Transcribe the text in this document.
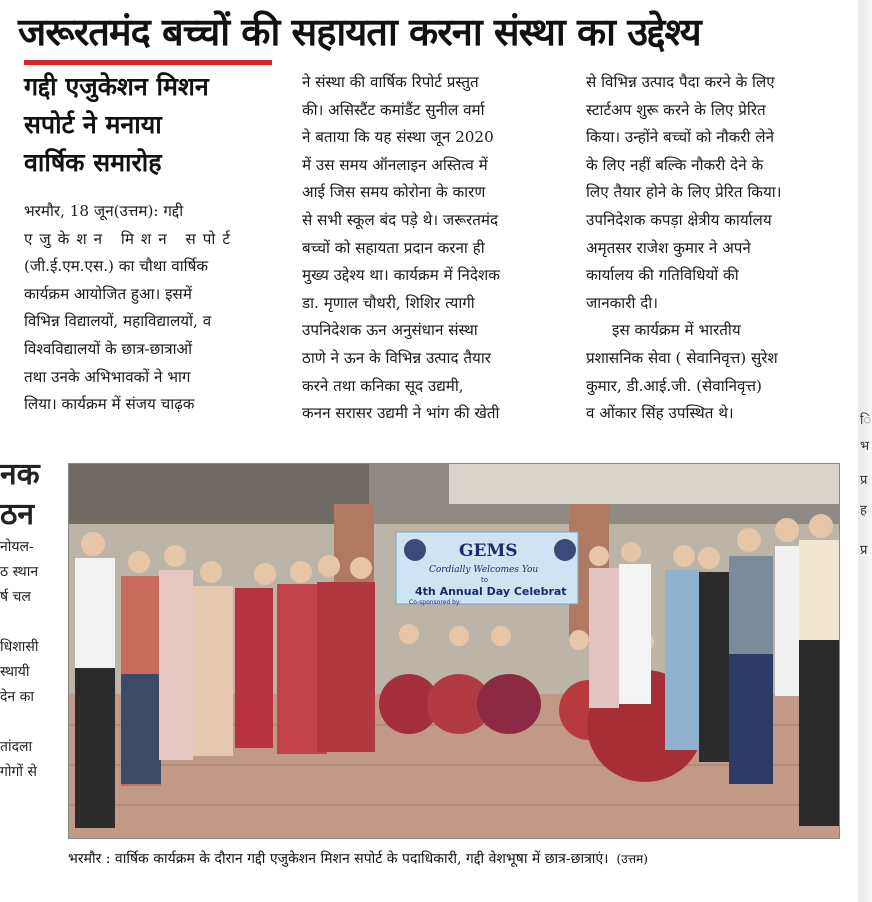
जरूरतमंद बच्चों की सहायता करना संस्था का उद्देश्य
गद्दी एजुकेशन मिशन
सपोर्ट ने मनाया
वार्षिक समारोह
भरमौर, 18 जून(उत्तम): गद्दी
एजुकेशन मिशन सपोर्ट
(जी.ई.एम.एस.) का चौथा वार्षिक
कार्यक्रम आयोजित हुआ। इसमें
विभिन्न विद्यालयों, महाविद्यालयों, व
विश्वविद्यालयों के छात्र-छात्राओं
तथा उनके अभिभावकों ने भाग
लिया। कार्यक्रम में संजय चाढ़क
ने संस्था की वार्षिक रिपोर्ट प्रस्तुत
की। असिस्टैंट कमांडैंट सुनील वर्मा
ने बताया कि यह संस्था जून 2020
में उस समय ऑनलाइन अस्तित्व में
आई जिस समय कोरोना के कारण
से सभी स्कूल बंद पड़े थे। जरूरतमंद
बच्चों को सहायता प्रदान करना ही
मुख्य उद्देश्य था। कार्यक्रम में निदेशक
डा. मृणाल चौधरी, शिशिर त्यागी
उपनिदेशक ऊन अनुसंधान संस्था
ठाणे ने ऊन के विभिन्न उत्पाद तैयार
करने तथा कनिका सूद उद्यमी,
कनन सरासर उद्यमी ने भांग की खेती
से विभिन्न उत्पाद पैदा करने के लिए
स्टार्टअप शुरू करने के लिए प्रेरित
किया। उन्होंने बच्चों को नौकरी लेने
के लिए नहीं बल्कि नौकरी देने के
लिए तैयार होने के लिए प्रेरित किया।
उपनिदेशक कपड़ा क्षेत्रीय कार्यालय
अमृतसर राजेश कुमार ने अपने
कार्यालय की गतिविधियों की
जानकारी दी।
इस कार्यक्रम में भारतीय
प्रशासनिक सेवा ( सेवानिवृत्त) सुरेश
कुमार, डी.आई.जी. (सेवानिवृत्त)
व ओंकार सिंह उपस्थित थे।
नक
ठन
नोयल-
ठ स्थान
र्ष चल

धिशासी
स्थायी
देन का

तांदला
गोगों से
ि
भ
प्र
ह
प्र
GEMS
Cordially Welcomes You
to
4th Annual Day Celebrat
Co-sponsored by:
भरमौर : वार्षिक कार्यक्रम के दौरान गद्दी एजुकेशन मिशन सपोर्ट के पदाधिकारी, गद्दी वेशभूषा में छात्र-छात्राएं। (उत्तम)
